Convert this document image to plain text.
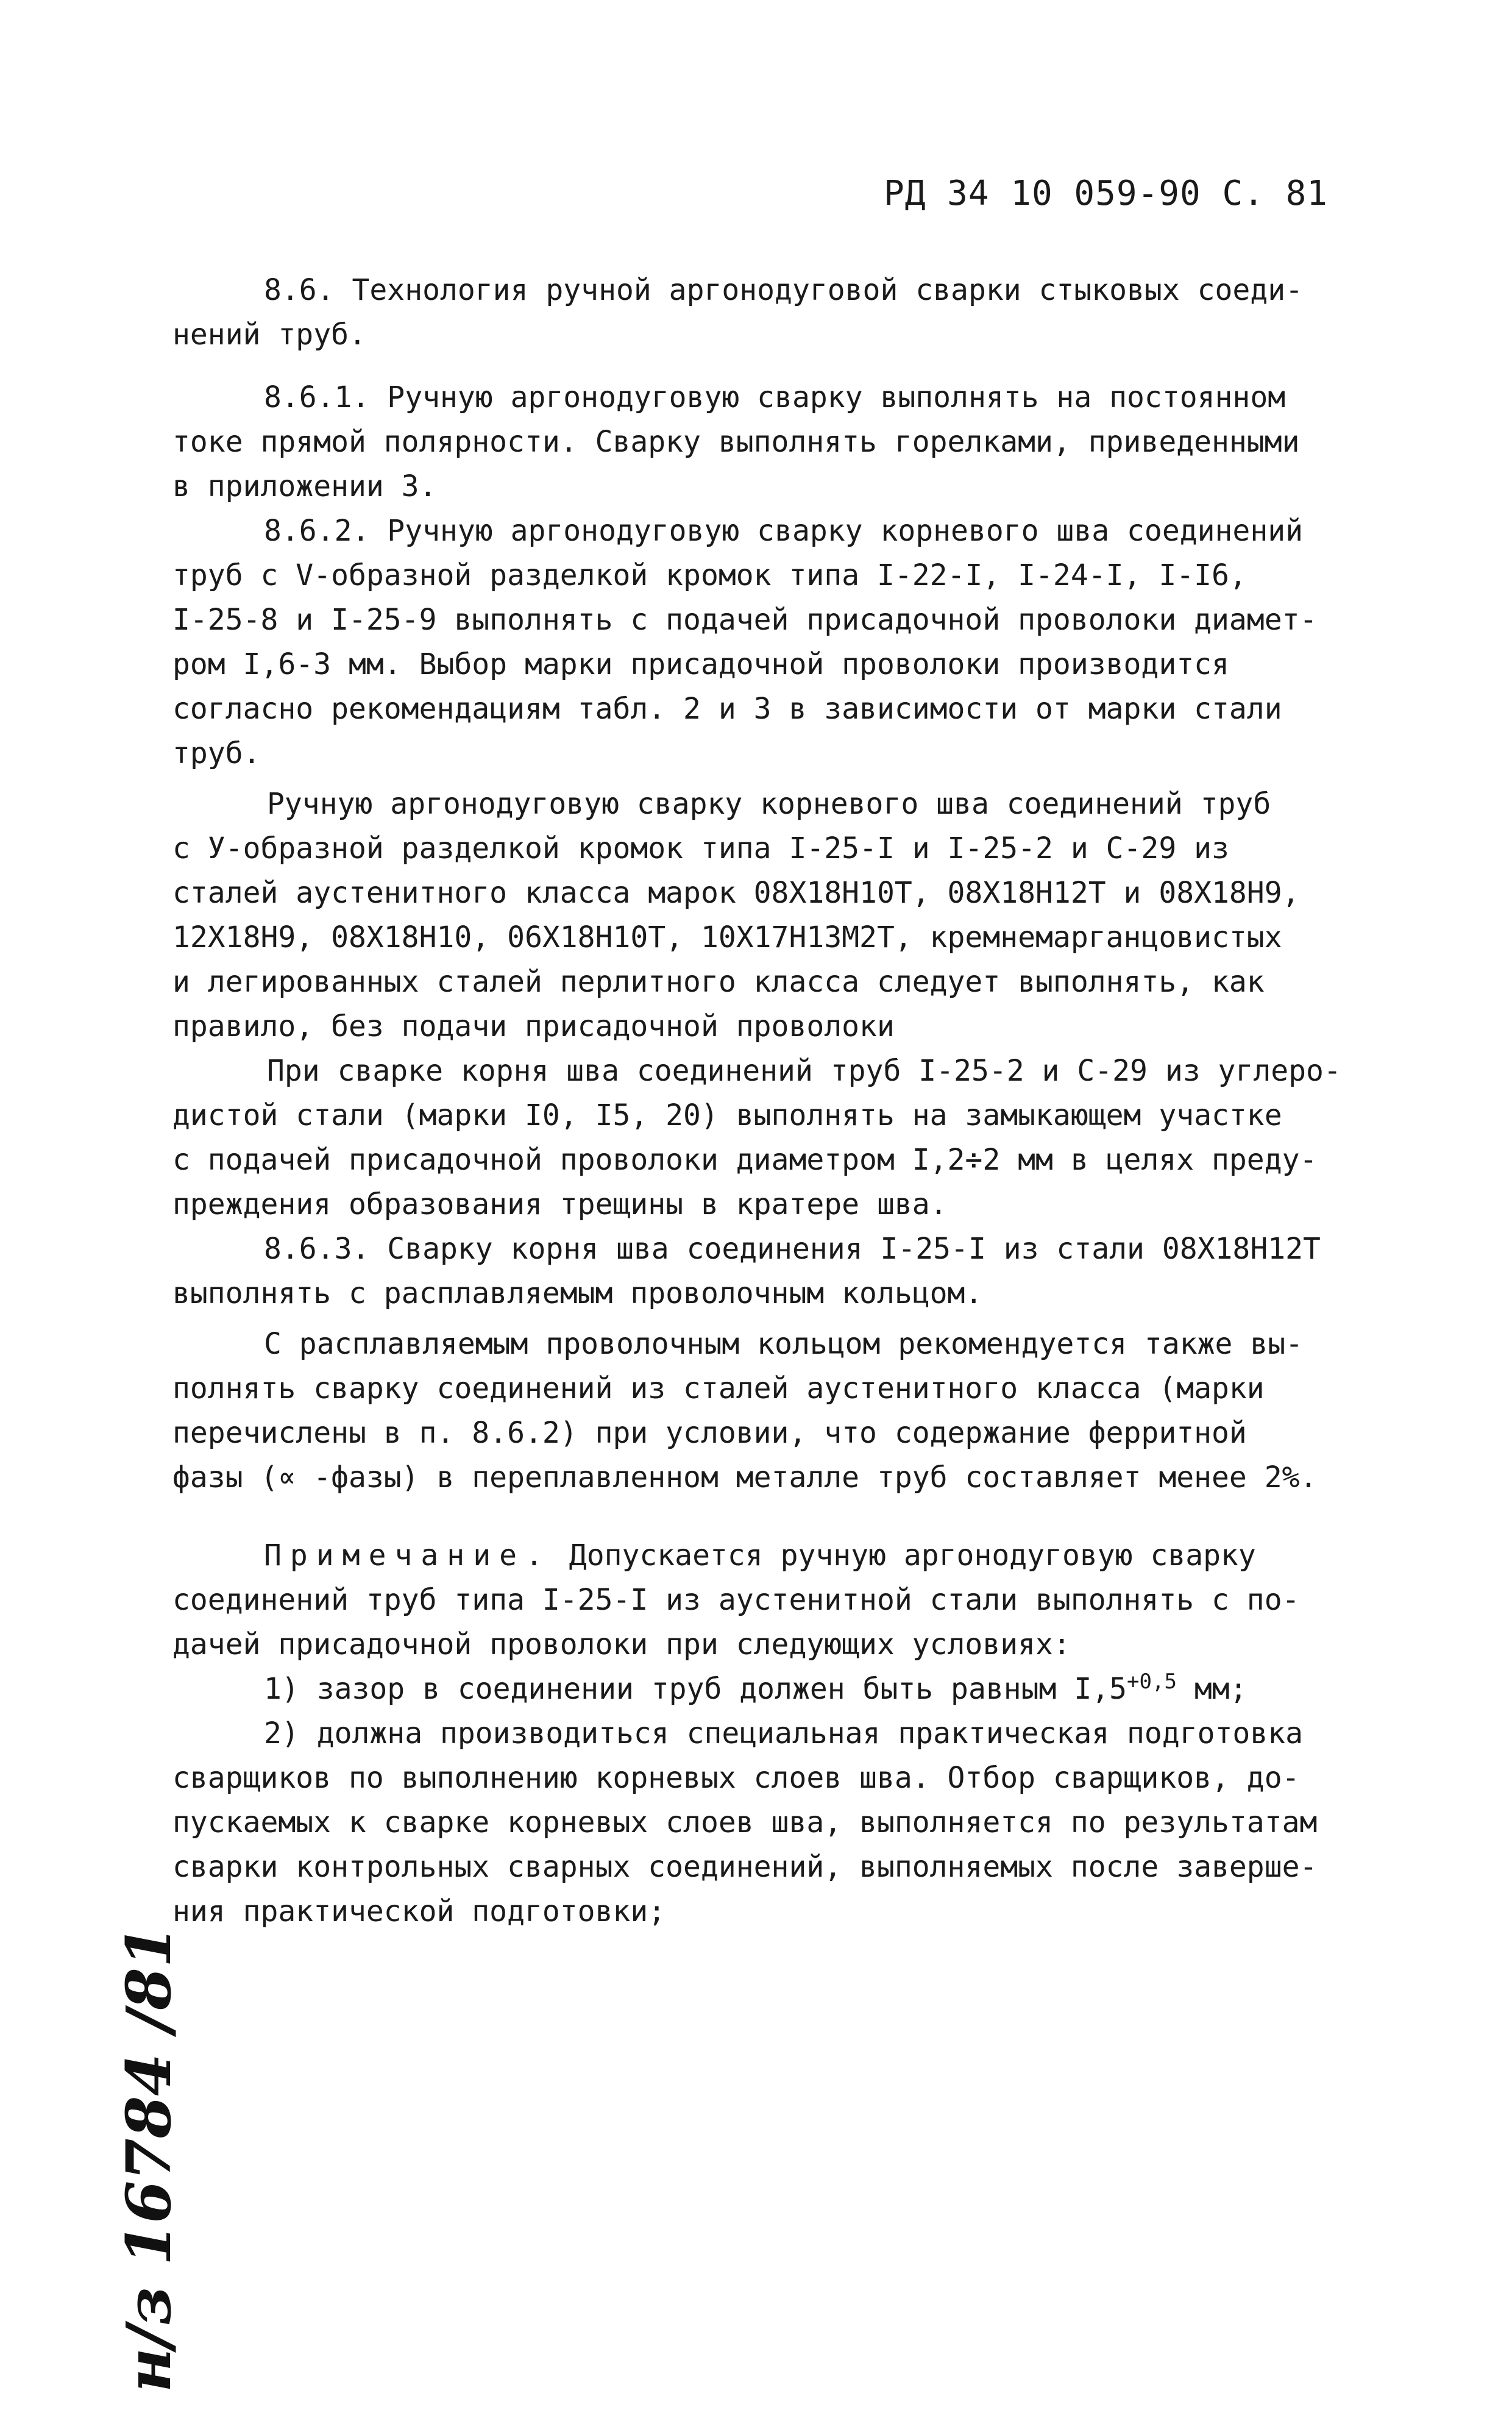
РД 34 10 059-90 С. 81

8.6. Технология ручной аргонодуговой сварки стыковых соеди-
нений труб.

8.6.1. Ручную аргонодуговую сварку выполнять на постоянном
токе прямой полярности. Сварку выполнять горелками, приведенными
в приложении 3.

8.6.2. Ручную аргонодуговую сварку корневого шва соединений
труб с V-образной разделкой кромок типа I-22-I, I-24-I, I-I6,
I-25-8 и I-25-9 выполнять с подачей присадочной проволоки диамет-
ром I,6-3 мм. Выбор марки присадочной проволоки производится
согласно рекомендациям табл. 2 и 3 в зависимости от марки стали
труб.

Ручную аргонодуговую сварку корневого шва соединений труб
с У-образной разделкой кромок типа I-25-I и I-25-2 и С-29 из
сталей аустенитного класса марок 08Х18Н10Т, 08Х18Н12Т и 08Х18Н9,
12Х18Н9, 08Х18Н10, 06Х18Н10Т, 10Х17Н13М2Т, кремнемарганцовистых
и легированных сталей перлитного класса следует выполнять, как
правило, без подачи присадочной проволоки

При сварке корня шва соединений труб I-25-2 и С-29 из углеро-
дистой стали (марки I0, I5, 20) выполнять на замыкающем участке
с подачей присадочной проволоки диаметром I,2÷2 мм в целях преду-
преждения образования трещины в кратере шва.

8.6.3. Сварку корня шва соединения I-25-I из стали 08Х18Н12Т
выполнять с расплавляемым проволочным кольцом.

С расплавляемым проволочным кольцом рекомендуется также вы-
полнять сварку соединений из сталей аустенитного класса (марки
перечислены в п. 8.6.2) при условии, что содержание ферритной
фазы (∝ -фазы) в переплавленном металле труб составляет менее 2%.

Примечание. Допускается ручную аргонодуговую сварку
соединений труб типа I-25-I из аустенитной стали выполнять с по-
дачей присадочной проволоки при следующих условиях:
1) зазор в соединении труб должен быть равным $I,5^{+0,5}$ мм;
2) должна производиться специальная практическая подготовка
сварщиков по выполнению корневых слоев шва. Отбор сварщиков, до-
пускаемых к сварке корневых слоев шва, выполняется по результатам
сварки контрольных сварных соединений, выполняемых после заверше-
ния практической подготовки;

н/з 16784 /81
